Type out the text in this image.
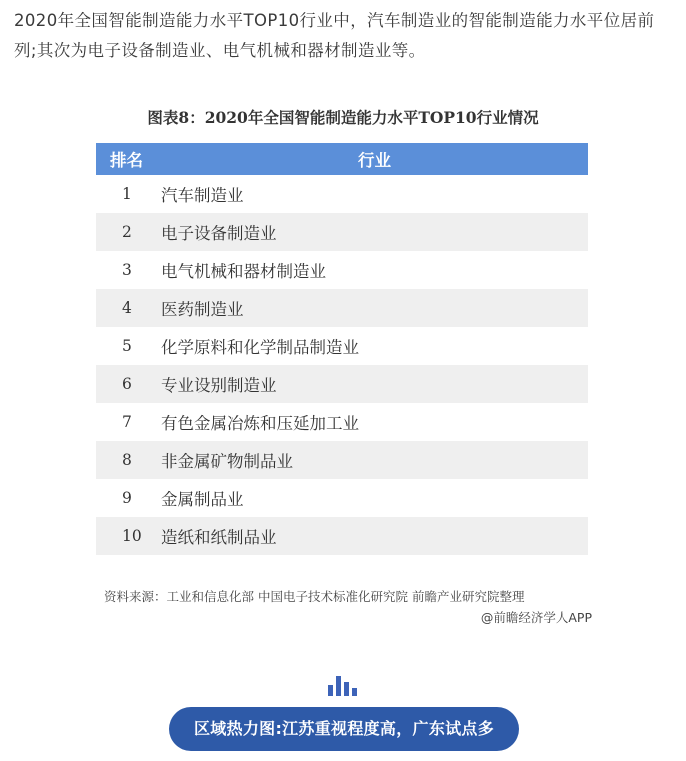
2020年全国智能制造能力水平TOP10行业中，汽车制造业的智能制造能力水平位居前列;其次为电子设备制造业、电气机械和器材制造业等。

图表8：2020年全国智能制造能力水平TOP10行业情况
排名	行业
1	汽车制造业
2	电子设备制造业
3	电气机械和器材制造业
4	医药制造业
5	化学原料和化学制品制造业
6	专业设别制造业
7	有色金属冶炼和压延加工业
8	非金属矿物制品业
9	金属制品业
10	造纸和纸制品业

资料来源：工业和信息化部 中国电子技术标准化研究院 前瞻产业研究院整理

@前瞻经济学人APP

区域热力图:江苏重视程度高，广东试点多
